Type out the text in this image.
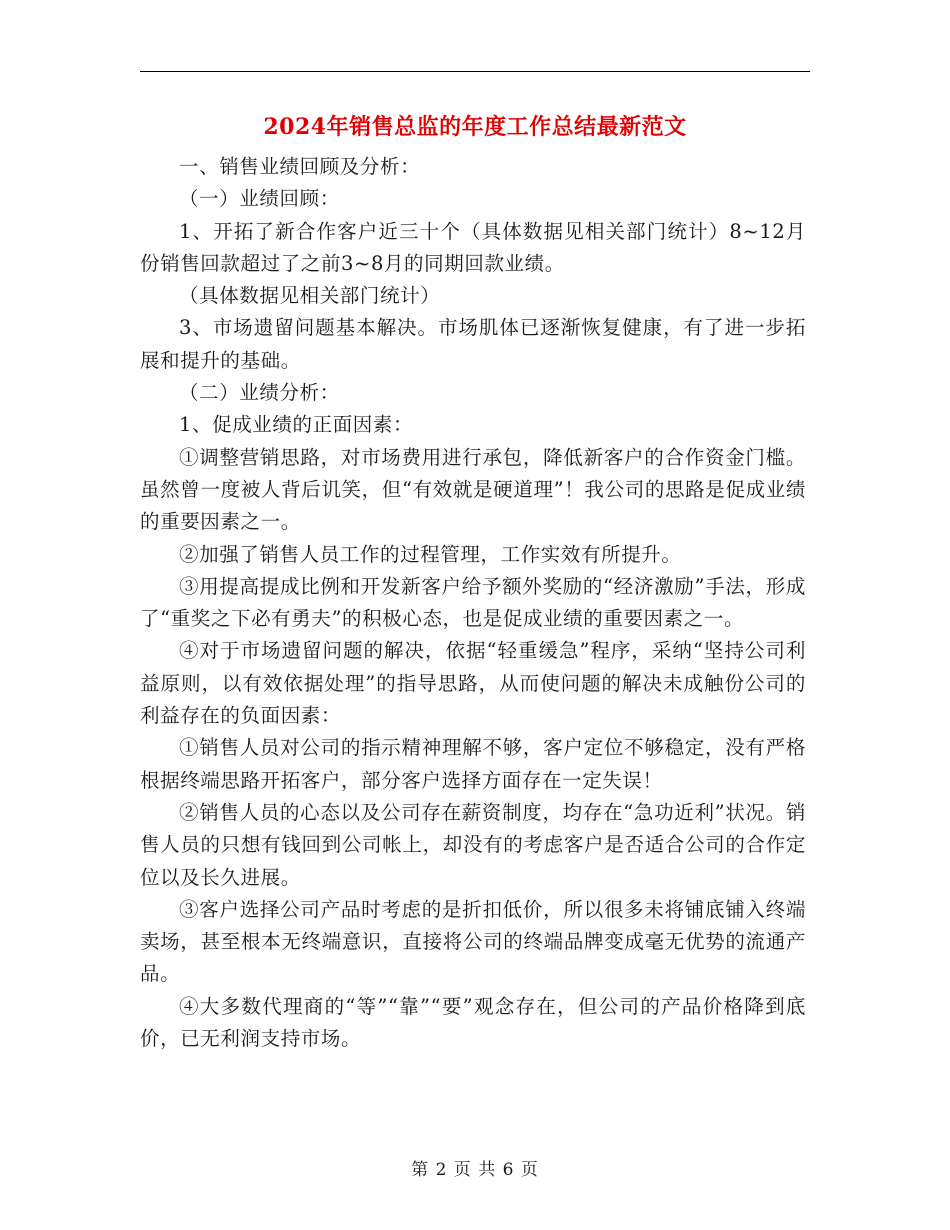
2024年销售总监的年度工作总结最新范文

一、销售业绩回顾及分析：

（一）业绩回顾：

1、开拓了新合作客户近三十个（具体数据见相关部门统计）8~12月份销售回款超过了之前3~8月的同期回款业绩。

（具体数据见相关部门统计）

3、市场遗留问题基本解决。市场肌体已逐渐恢复健康，有了进一步拓展和提升的基础。

（二）业绩分析：

1、促成业绩的正面因素：

①调整营销思路，对市场费用进行承包，降低新客户的合作资金门槛。虽然曾一度被人背后讥笑，但“有效就是硬道理”！我公司的思路是促成业绩的重要因素之一。

②加强了销售人员工作的过程管理，工作实效有所提升。

③用提高提成比例和开发新客户给予额外奖励的“经济激励”手法，形成了“重奖之下必有勇夫”的积极心态，也是促成业绩的重要因素之一。

④对于市场遗留问题的解决，依据“轻重缓急”程序，采纳“坚持公司利益原则，以有效依据处理”的指导思路，从而使问题的解决未成触份公司的利益存在的负面因素：

①销售人员对公司的指示精神理解不够，客户定位不够稳定，没有严格根据终端思路开拓客户，部分客户选择方面存在一定失误！

②销售人员的心态以及公司存在薪资制度，均存在“急功近利”状况。销售人员的只想有钱回到公司帐上，却没有的考虑客户是否适合公司的合作定位以及长久进展。

③客户选择公司产品时考虑的是折扣低价，所以很多未将铺底铺入终端卖场，甚至根本无终端意识，直接将公司的终端品牌变成毫无优势的流通产品。

④大多数代理商的“等”“靠”“要”观念存在，但公司的产品价格降到底价，已无利润支持市场。

第 2 页 共 6 页
